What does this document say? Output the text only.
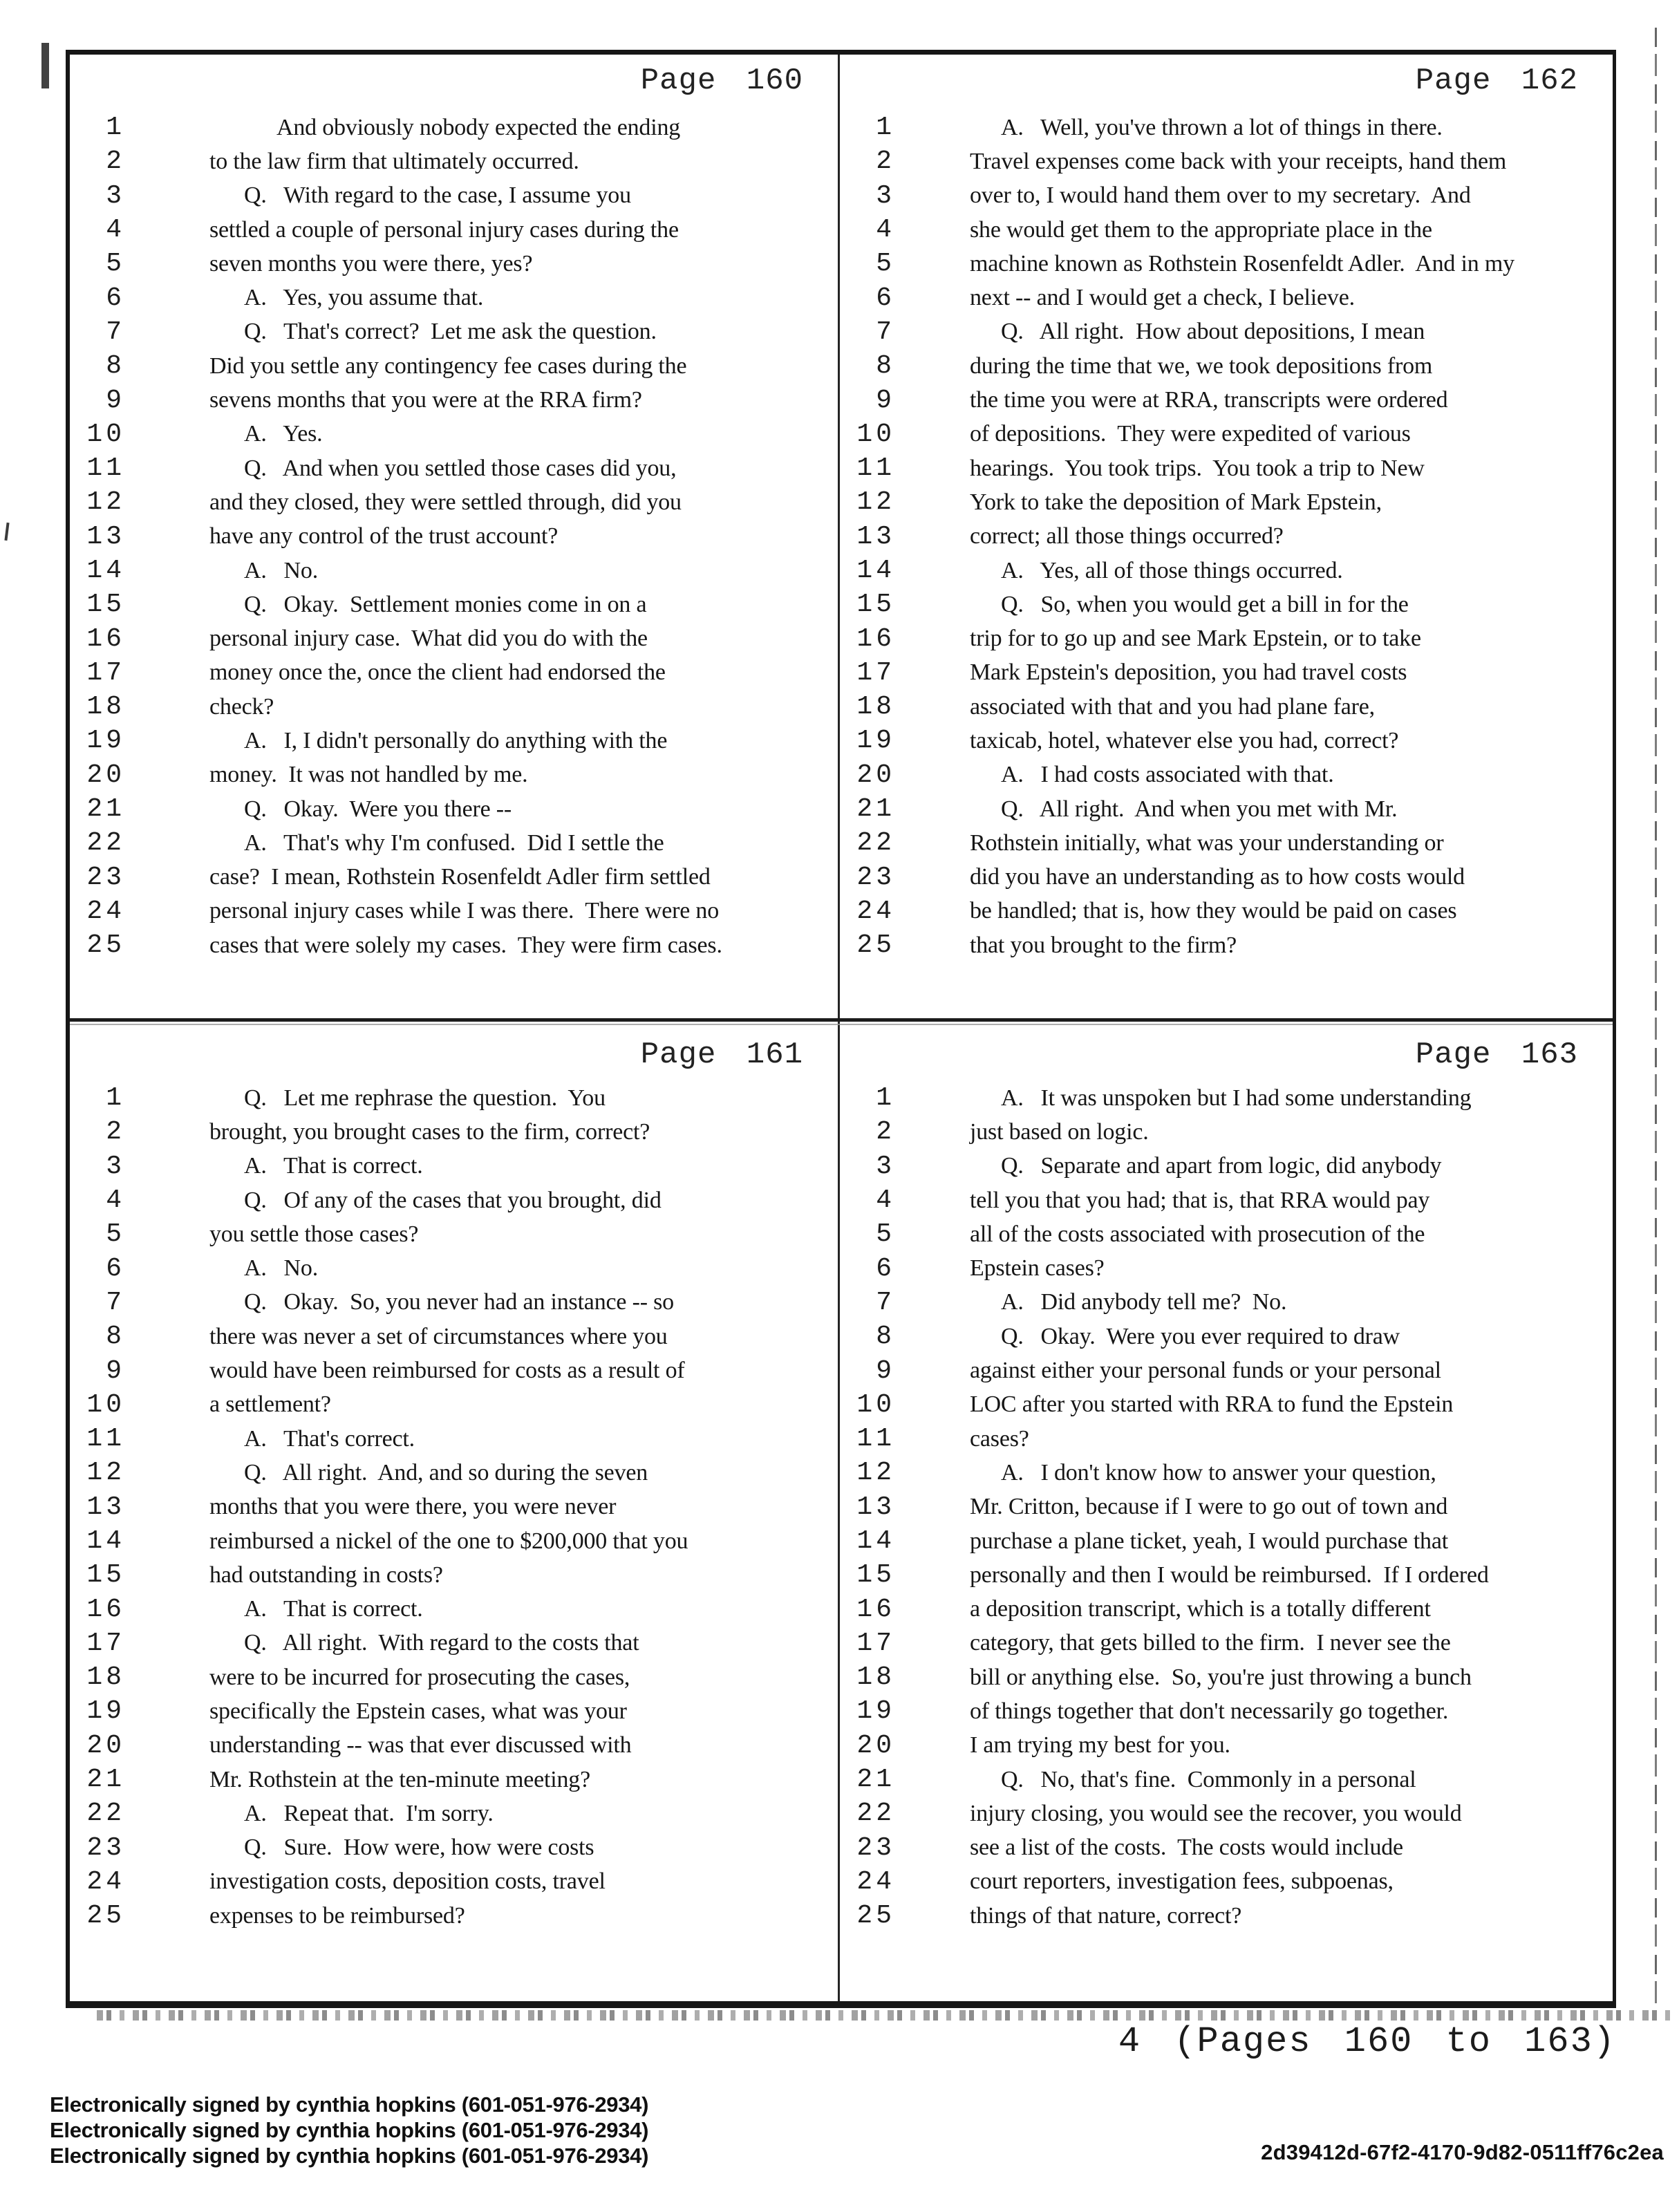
Page 160
1	And obviously nobody expected the ending
2	to the law firm that ultimately occurred.
3	Q.   With regard to the case, I assume you
4	settled a couple of personal injury cases during the
5	seven months you were there, yes?
6	A.   Yes, you assume that.
7	Q.   That's correct?  Let me ask the question.
8	Did you settle any contingency fee cases during the
9	sevens months that you were at the RRA firm?
10	A.   Yes.
11	Q.   And when you settled those cases did you,
12	and they closed, they were settled through, did you
13	have any control of the trust account?
14	A.   No.
15	Q.   Okay.  Settlement monies come in on a
16	personal injury case.  What did you do with the
17	money once the, once the client had endorsed the
18	check?
19	A.   I, I didn't personally do anything with the
20	money.  It was not handled by me.
21	Q.   Okay.  Were you there --
22	A.   That's why I'm confused.  Did I settle the
23	case?  I mean, Rothstein Rosenfeldt Adler firm settled
24	personal injury cases while I was there.  There were no
25	cases that were solely my cases.  They were firm cases.
Page 162
1	A.   Well, you've thrown a lot of things in there.
2	Travel expenses come back with your receipts, hand them
3	over to, I would hand them over to my secretary.  And
4	she would get them to the appropriate place in the
5	machine known as Rothstein Rosenfeldt Adler.  And in my
6	next -- and I would get a check, I believe.
7	Q.   All right.  How about depositions, I mean
8	during the time that we, we took depositions from
9	the time you were at RRA, transcripts were ordered
10	of depositions.  They were expedited of various
11	hearings.  You took trips.  You took a trip to New
12	York to take the deposition of Mark Epstein,
13	correct; all those things occurred?
14	A.   Yes, all of those things occurred.
15	Q.   So, when you would get a bill in for the
16	trip for to go up and see Mark Epstein, or to take
17	Mark Epstein's deposition, you had travel costs
18	associated with that and you had plane fare,
19	taxicab, hotel, whatever else you had, correct?
20	A.   I had costs associated with that.
21	Q.   All right.  And when you met with Mr.
22	Rothstein initially, what was your understanding or
23	did you have an understanding as to how costs would
24	be handled; that is, how they would be paid on cases
25	that you brought to the firm?
Page 161
1	Q.   Let me rephrase the question.  You
2	brought, you brought cases to the firm, correct?
3	A.   That is correct.
4	Q.   Of any of the cases that you brought, did
5	you settle those cases?
6	A.   No.
7	Q.   Okay.  So, you never had an instance -- so
8	there was never a set of circumstances where you
9	would have been reimbursed for costs as a result of
10	a settlement?
11	A.   That's correct.
12	Q.   All right.  And, and so during the seven
13	months that you were there, you were never
14	reimbursed a nickel of the one to $200,000 that you
15	had outstanding in costs?
16	A.   That is correct.
17	Q.   All right.  With regard to the costs that
18	were to be incurred for prosecuting the cases,
19	specifically the Epstein cases, what was your
20	understanding -- was that ever discussed with
21	Mr. Rothstein at the ten-minute meeting?
22	A.   Repeat that.  I'm sorry.
23	Q.   Sure.  How were, how were costs
24	investigation costs, deposition costs, travel
25	expenses to be reimbursed?
Page 163
1	A.   It was unspoken but I had some understanding
2	just based on logic.
3	Q.   Separate and apart from logic, did anybody
4	tell you that you had; that is, that RRA would pay
5	all of the costs associated with prosecution of the
6	Epstein cases?
7	A.   Did anybody tell me?  No.
8	Q.   Okay.  Were you ever required to draw
9	against either your personal funds or your personal
10	LOC after you started with RRA to fund the Epstein
11	cases?
12	A.   I don't know how to answer your question,
13	Mr. Critton, because if I were to go out of town and
14	purchase a plane ticket, yeah, I would purchase that
15	personally and then I would be reimbursed.  If I ordered
16	a deposition transcript, which is a totally different
17	category, that gets billed to the firm.  I never see the
18	bill or anything else.  So, you're just throwing a bunch
19	of things together that don't necessarily go together.
20	I am trying my best for you.
21	Q.   No, that's fine.  Commonly in a personal
22	injury closing, you would see the recover, you would
23	see a list of the costs.  The costs would include
24	court reporters, investigation fees, subpoenas,
25	things of that nature, correct?
4 (Pages 160 to 163)
Electronically signed by cynthia hopkins (601-051-976-2934)
Electronically signed by cynthia hopkins (601-051-976-2934)
Electronically signed by cynthia hopkins (601-051-976-2934)	2d39412d-67f2-4170-9d82-0511ff76c2ea
